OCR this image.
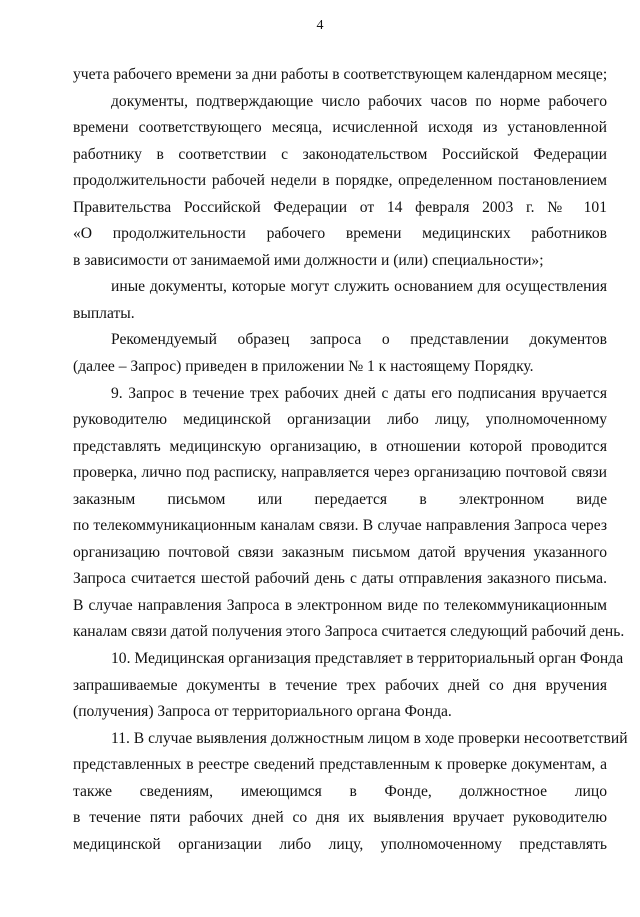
4
учета рабочего времени за дни работы в соответствующем календарном месяце;
документы, подтверждающие число рабочих часов по норме рабочего
времени соответствующего месяца, исчисленной исходя из установленной
работнику в соответствии с законодательством Российской Федерации
продолжительности рабочей недели в порядке, определенном постановлением
Правительства Российской Федерации от 14 февраля 2003 г. № 101
«О продолжительности рабочего времени медицинских работников
в зависимости от занимаемой ими должности и (или) специальности»;
иные документы, которые могут служить основанием для осуществления
выплаты.
Рекомендуемый образец запроса о представлении документов
(далее – Запрос) приведен в приложении № 1 к настоящему Порядку.
9. Запрос в течение трех рабочих дней с даты его подписания вручается
руководителю медицинской организации либо лицу, уполномоченному
представлять медицинскую организацию, в отношении которой проводится
проверка, лично под расписку, направляется через организацию почтовой связи
заказным письмом или передается в электронном виде
по телекоммуникационным каналам связи. В случае направления Запроса через
организацию почтовой связи заказным письмом датой вручения указанного
Запроса считается шестой рабочий день с даты отправления заказного письма.
В случае направления Запроса в электронном виде по телекоммуникационным
каналам связи датой получения этого Запроса считается следующий рабочий день.
10. Медицинская организация представляет в территориальный орган Фонда
запрашиваемые документы в течение трех рабочих дней со дня вручения
(получения) Запроса от территориального органа Фонда.
11. В случае выявления должностным лицом в ходе проверки несоответствий
представленных в реестре сведений представленным к проверке документам, а
также сведениям, имеющимся в Фонде, должностное лицо
в течение пяти рабочих дней со дня их выявления вручает руководителю
медицинской организации либо лицу, уполномоченному представлять
